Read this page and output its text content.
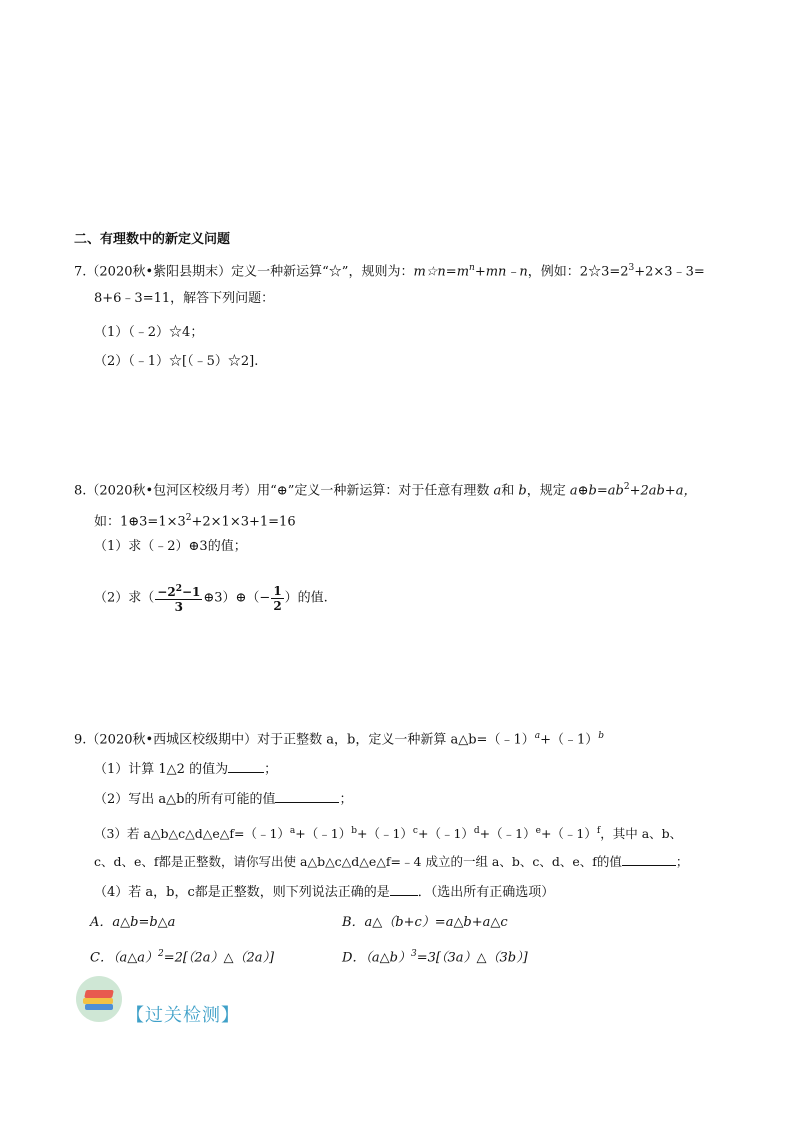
二、有理数中的新定义问题
7.（2020秋•紫阳县期末）定义一种新运算“☆”，规则为：$m☆n=m^n+mn﹣n$，例如：$2☆3=2^3+2\times 3﹣3=$
8+6﹣3=11，解答下列问题：
（1）（﹣2）☆4；
（2）（﹣1）☆[（﹣5）☆2].
8.（2020秋•包河区校级月考）用“⊕”定义一种新运算：对于任意有理数 a和 b，规定 $a\oplus b=ab^2+2ab+a$，
如：$1\oplus 3=1\times 3^2+2\times 1\times 3+1=16$
（1）求（﹣2）⊕3的值；
（2）求（ $\frac{-2^2-1}{3}$ ⊕3）⊕（− $\frac{1}{2}$ ）的值.
9.（2020秋•西城区校级期中）对于正整数 a，b，定义一种新算 a△b=（﹣1）$^a$+（﹣1）$^b$
（1）计算 1△2 的值为	；
（2）写出 a△b的所有可能的值	；
（3）若 a△b△c△d△e△f=（﹣1）$^a$+（﹣1）$^b$+（﹣1）$^c$+（﹣1）$^d$+（﹣1）$^e$+（﹣1）$^f$，其中 a、b、
c、d、e、f都是正整数，请你写出使 a△b△c△d△e△f=﹣4 成立的一组 a、b、c、d、e、f的值	；
（4）若 a，b，c都是正整数，则下列说法正确的是 ．（选出所有正确选项）
A．a△b=b△a	B．a△（b+c）=a△b+a△c
C．（a△a）$^2$=2[（2a）△（2a）]	D．（a△b）$^3$=3[（3a）△（3b）]
【过关检测】
